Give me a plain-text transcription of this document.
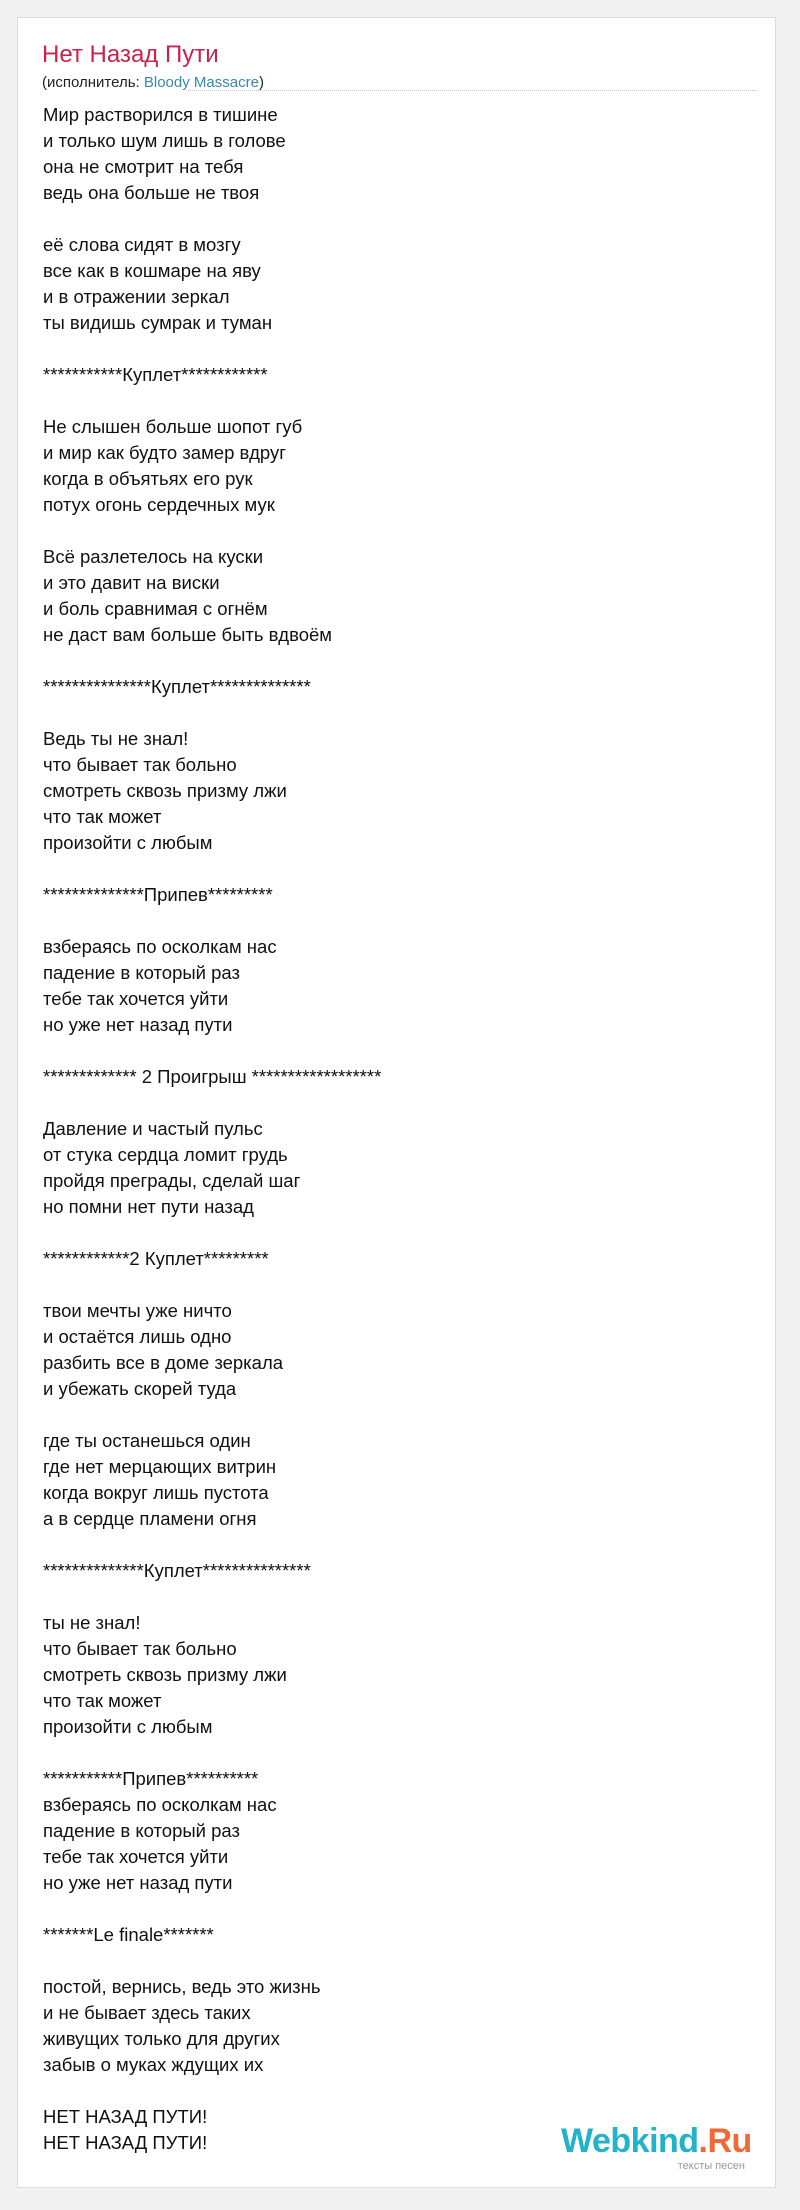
Нет Назад Пути
(исполнитель: Bloody Massacre)
Мир растворился в тишине
и только шум лишь в голове
она не смотрит на тебя
ведь она больше не твоя
её слова сидят в мозгу
все как в кошмаре на яву
и в отражении зеркал
ты видишь сумрак и туман
***********Куплет************
Не слышен больше шопот губ
и мир как будто замер вдруг
когда в объятьях его рук
потух огонь сердечных мук
Всё разлетелось на куски
и это давит на виски
и боль сравнимая с огнём
не даст вам больше быть вдвоём
***************Куплет**************
Ведь ты не знал!
что бывает так больно
смотреть сквозь призму лжи
что так может
произойти с любым
**************Припев*********
взбераясь по осколкам нас
падение в который раз
тебе так хочется уйти
но уже нет назад пути
************* 2 Проигрыш ******************
Давление и частый пульс
от стука сердца ломит грудь
пройдя преграды, сделай шаг
но помни нет пути назад
************2 Куплет*********
твои мечты уже ничто
и остаётся лишь одно
разбить все в доме зеркала
и убежать скорей туда
где ты останешься один
где нет мерцающих витрин
когда вокруг лишь пустота
а в сердце пламени огня
**************Куплет***************
ты не знал!
что бывает так больно
смотреть сквозь призму лжи
что так может
произойти с любым
***********Припев**********
взбераясь по осколкам нас
падение в который раз
тебе так хочется уйти
но уже нет назад пути
*******Le finale*******
постой, вернись, ведь это жизнь
и не бывает здесь таких
живущих только для других
забыв о муках ждущих их
НЕТ НАЗАД ПУТИ!
НЕТ НАЗАД ПУТИ!	Webkind.Ru
тексты песен
